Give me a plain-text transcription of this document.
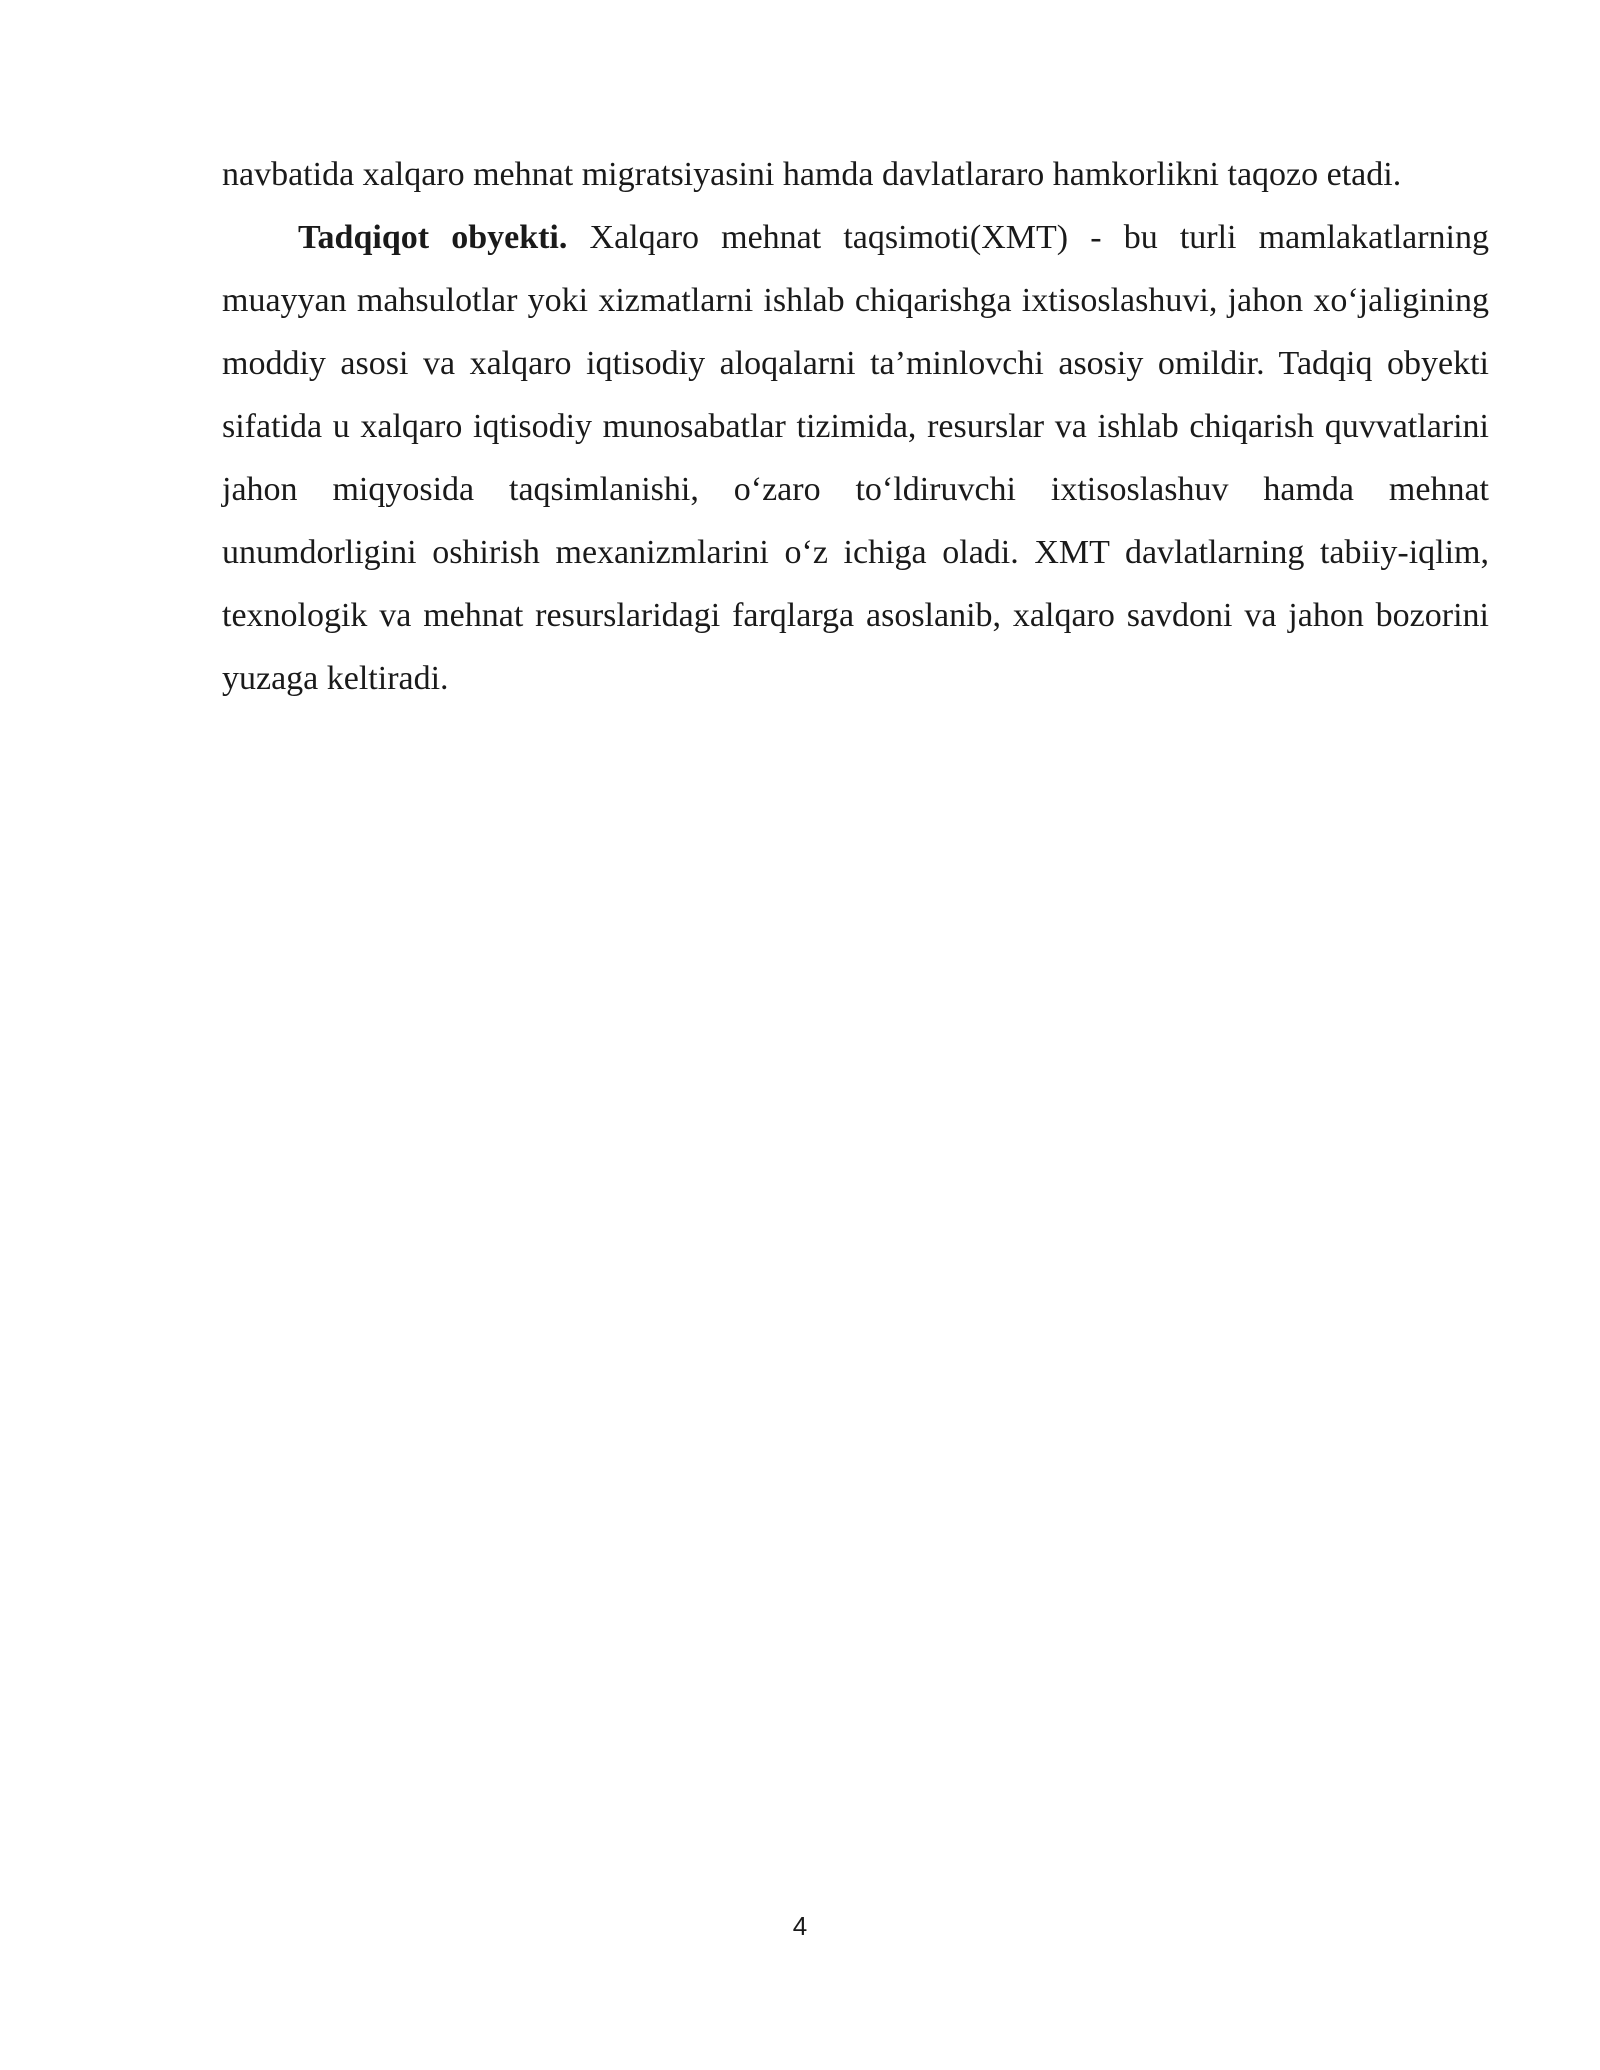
navbatida xalqaro mehnat migratsiyasini hamda davlatlararo hamkorlikni taqozo etadi.

Tadqiqot obyekti. Xalqaro mehnat taqsimoti(XMT) - bu turli mamlakatlarning muayyan mahsulotlar yoki xizmatlarni ishlab chiqarishga ixtisoslashuvi, jahon xo‘jaligining moddiy asosi va xalqaro iqtisodiy aloqalarni ta’minlovchi asosiy omildir. Tadqiq obyekti sifatida u xalqaro iqtisodiy munosabatlar tizimida, resurslar va ishlab chiqarish quvvatlarini jahon miqyosida taqsimlanishi, o‘zaro to‘ldiruvchi ixtisoslashuv hamda mehnat unumdorligini oshirish mexanizmlarini o‘z ichiga oladi. XMT davlatlarning tabiiy-iqlim, texnologik va mehnat resurslaridagi farqlarga asoslanib, xalqaro savdoni va jahon bozorini yuzaga keltiradi.

4
